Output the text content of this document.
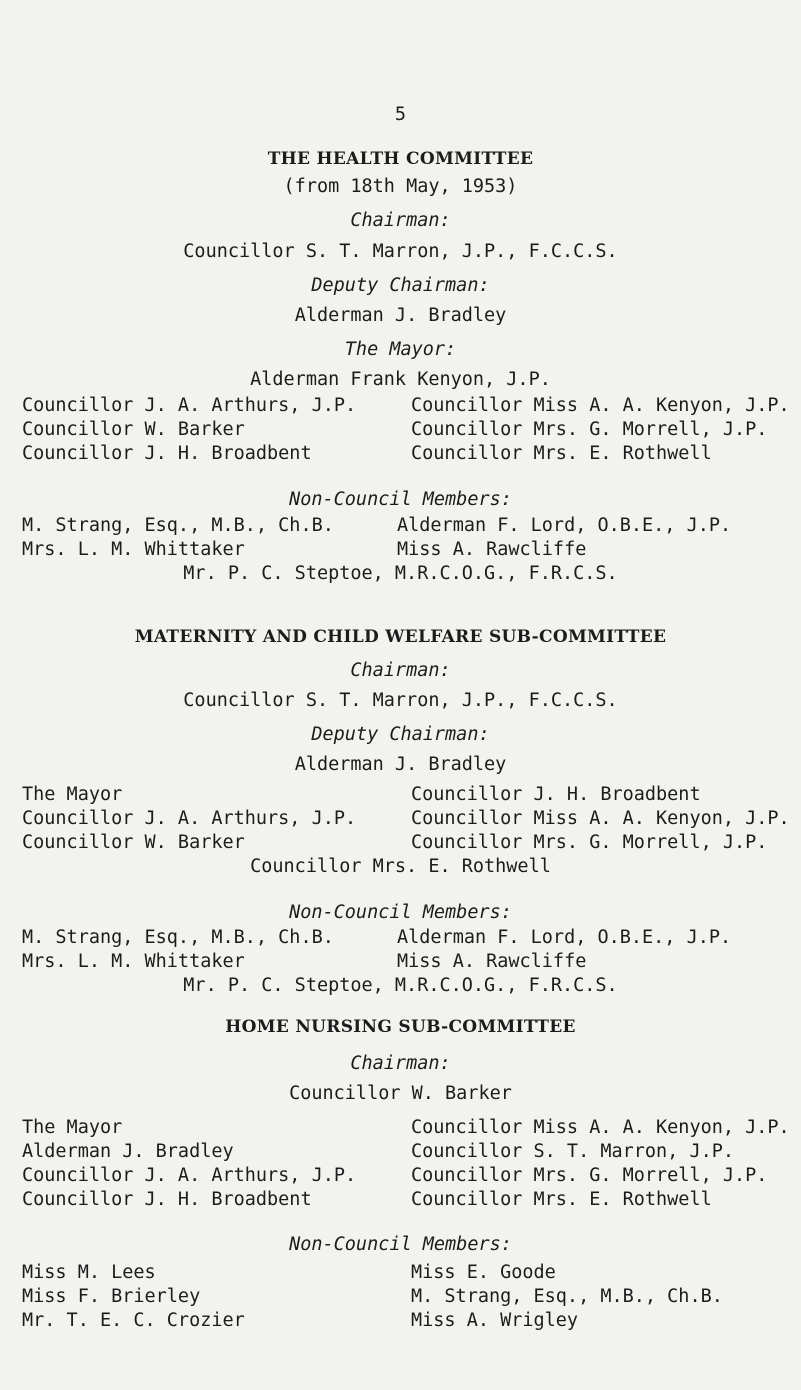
5
THE HEALTH COMMITTEE
(from 18th May, 1953)
Chairman:
Councillor S. T. Marron, J.P., F.C.C.S.
Deputy Chairman:
Alderman J. Bradley
The Mayor:
Alderman Frank Kenyon, J.P.
Councillor J. A. Arthurs, J.P.
Councillor W. Barker
Councillor J. H. Broadbent
Councillor Miss A. A. Kenyon, J.P.
Councillor Mrs. G. Morrell, J.P.
Councillor Mrs. E. Rothwell
Non-Council Members:
M. Strang, Esq., M.B., Ch.B.
Mrs. L. M. Whittaker
Alderman F. Lord, O.B.E., J.P.
Miss A. Rawcliffe
Mr. P. C. Steptoe, M.R.C.O.G., F.R.C.S.
MATERNITY AND CHILD WELFARE SUB-COMMITTEE
Chairman:
Councillor S. T. Marron, J.P., F.C.C.S.
Deputy Chairman:
Alderman J. Bradley
The Mayor
Councillor J. A. Arthurs, J.P.
Councillor W. Barker
Councillor J. H. Broadbent
Councillor Miss A. A. Kenyon, J.P.
Councillor Mrs. G. Morrell, J.P.
Councillor Mrs. E. Rothwell
Non-Council Members:
M. Strang, Esq., M.B., Ch.B.
Mrs. L. M. Whittaker
Alderman F. Lord, O.B.E., J.P.
Miss A. Rawcliffe
Mr. P. C. Steptoe, M.R.C.O.G., F.R.C.S.
HOME NURSING SUB-COMMITTEE
Chairman:
Councillor W. Barker
The Mayor
Alderman J. Bradley
Councillor J. A. Arthurs, J.P.
Councillor J. H. Broadbent
Councillor Miss A. A. Kenyon, J.P.
Councillor S. T. Marron, J.P.
Councillor Mrs. G. Morrell, J.P.
Councillor Mrs. E. Rothwell
Non-Council Members:
Miss M. Lees
Miss F. Brierley
Mr. T. E. C. Crozier
Miss E. Goode
M. Strang, Esq., M.B., Ch.B.
Miss A. Wrigley
